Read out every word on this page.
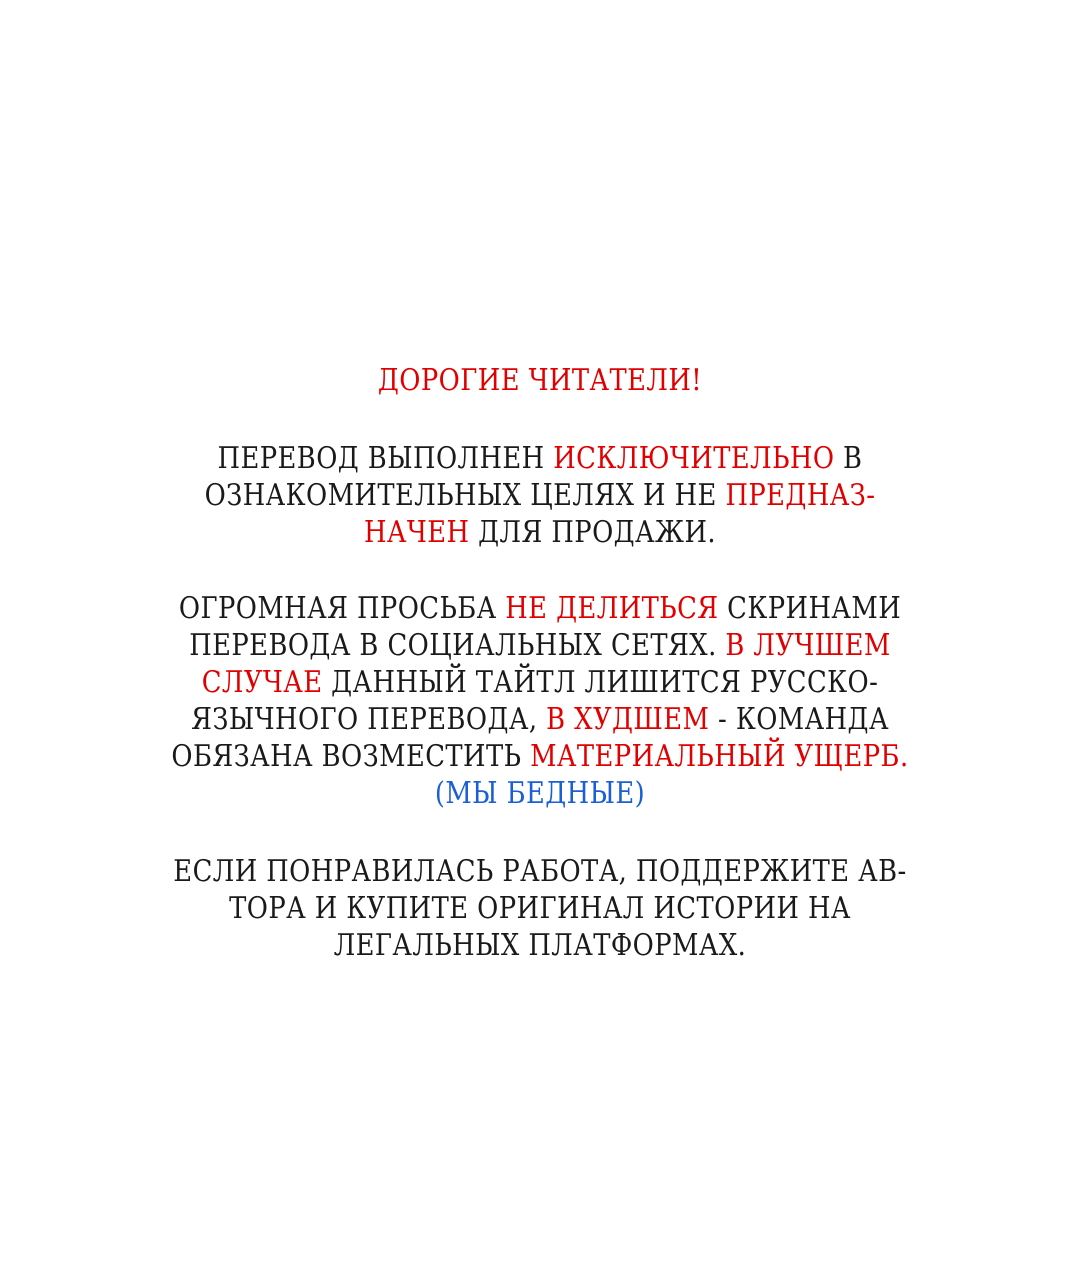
ДОРОГИЕ ЧИТАТЕЛИ!
ПЕРЕВОД ВЫПОЛНЕН ИСКЛЮЧИТЕЛЬНО В
ОЗНАКОМИТЕЛЬНЫХ ЦЕЛЯХ И НЕ ПРЕДНАЗ-
НАЧЕН ДЛЯ ПРОДАЖИ.
ОГРОМНАЯ ПРОСЬБА НЕ ДЕЛИТЬСЯ СКРИНАМИ
ПЕРЕВОДА В СОЦИАЛЬНЫХ СЕТЯХ. В ЛУЧШЕМ
СЛУЧАЕ ДАННЫЙ ТАЙТЛ ЛИШИТСЯ РУССКО-
ЯЗЫЧНОГО ПЕРЕВОДА, В ХУДШЕМ - КОМАНДА
ОБЯЗАНА ВОЗМЕСТИТЬ МАТЕРИАЛЬНЫЙ УЩЕРБ.
(МЫ БЕДНЫЕ)
ЕСЛИ ПОНРАВИЛАСЬ РАБОТА, ПОДДЕРЖИТЕ АВ-
ТОРА И КУПИТЕ ОРИГИНАЛ ИСТОРИИ НА
ЛЕГАЛЬНЫХ ПЛАТФОРМАХ.
